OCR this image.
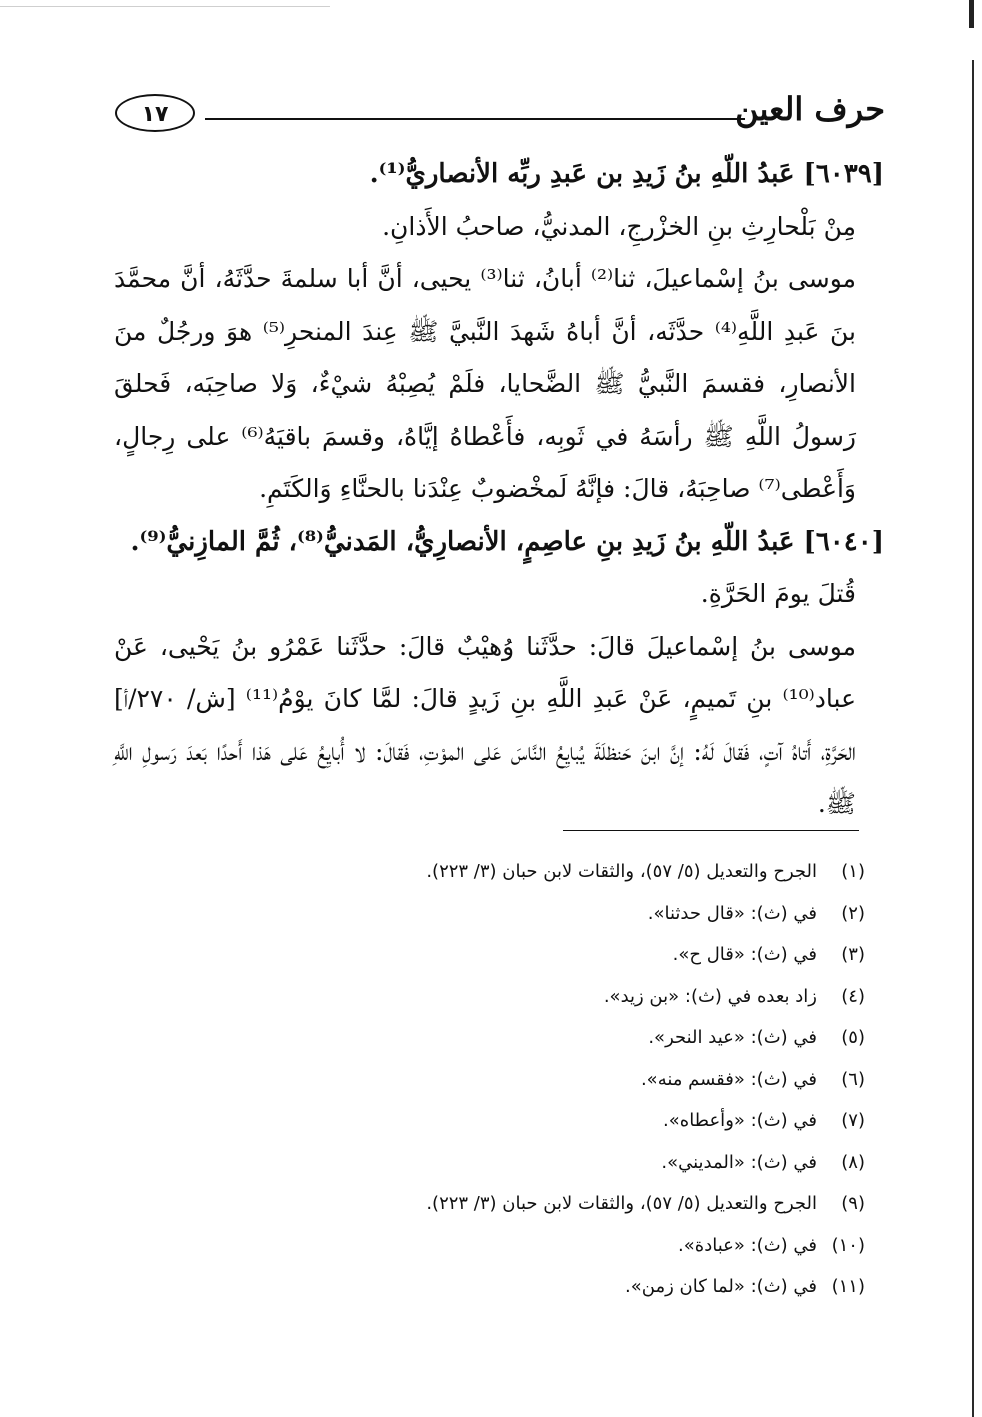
حرف العين
١٧

[٦٠٣٩] عَبدُ اللّهِ بنُ زَيدِ بن عَبدِ ربِّه الأنصاريُّ⁽¹⁾.

مِنْ بَلْحارِثِ بنِ الخزْرجِ، المدنيُّ، صاحبُ الأَذانِ.

موسى بنُ إسْماعيلَ، ثنا⁽²⁾ أبانُ، ثنا⁽³⁾ يحيى، أنَّ أبا سلمةَ حدَّثَهُ، أنَّ محمَّدَ بنَ عَبدِ اللَّهِ⁽⁴⁾ حدَّثَه، أنَّ أباهُ شَهدَ النَّبيَّ ﷺ عِندَ المنحرِ⁽⁵⁾ هوَ ورجُلٌ منَ الأنصارِ، فقسمَ النَّبيُّ ﷺ الضَّحايا، فلَمْ يُصِبْهُ شيْءٌ، وَلا صاحِبَه، فَحلقَ رَسولُ اللَّهِ ﷺ رأسَهُ في ثَوبِه، فأَعْطاهُ إيَّاهُ، وقسمَ باقيَهُ⁽⁶⁾ على رِجالٍ، وَأَعْطى⁽⁷⁾ صاحِبَهُ، قالَ: فإنَّهُ لَمخْضوبٌ عِنْدَنا بالحنَّاءِ وَالكَتَمِ.

[٦٠٤٠] عَبدُ اللّهِ بنُ زَيدِ بنِ عاصِمٍ، الأنصارِيُّ، المَدنيُّ⁽⁸⁾، ثُمَّ المازِنيُّ⁽⁹⁾.

قُتلَ يومَ الحَرَّةِ.

موسى بنُ إسْماعيلَ قالَ: حدَّثَنا وُهيْبٌ قالَ: حدَّثَنا عَمْرُو بنُ يَحْيى، عَنْ عباد⁽¹⁰⁾ بنِ تَميمٍ، عَنْ عَبدِ اللَّهِ بنِ زَيدٍ قالَ: لمَّا كانَ يوْمُ⁽¹¹⁾ [ش/ ٢٧٠/أ] الحَرَّةِ، أَتاهُ آتٍ، فَقالَ لَهُ: إنَّ ابنَ حَنظلَةَ يُبايِعُ النَّاسَ عَلى الموْتِ، فَقالَ: لا أُبايِعُ عَلى هَذا أَحدًا بَعدَ رَسولِ اللَّهِ ﷺ.

(١)الجرح والتعديل (٥/ ٥٧)، والثقات لابن حبان (٣/ ٢٢٣).
(٢)في (ث): «قال حدثنا».
(٣)في (ث): «قال ح».
(٤)زاد بعده في (ث): «بن زيد».
(٥)في (ث): «عيد النحر».
(٦)في (ث): «فقسم منه».
(٧)في (ث): «وأعطاه».
(٨)في (ث): «المديني».
(٩)الجرح والتعديل (٥/ ٥٧)، والثقات لابن حبان (٣/ ٢٢٣).
(١٠)في (ث): «عبادة».
(١١)في (ث): «لما كان زمن».
